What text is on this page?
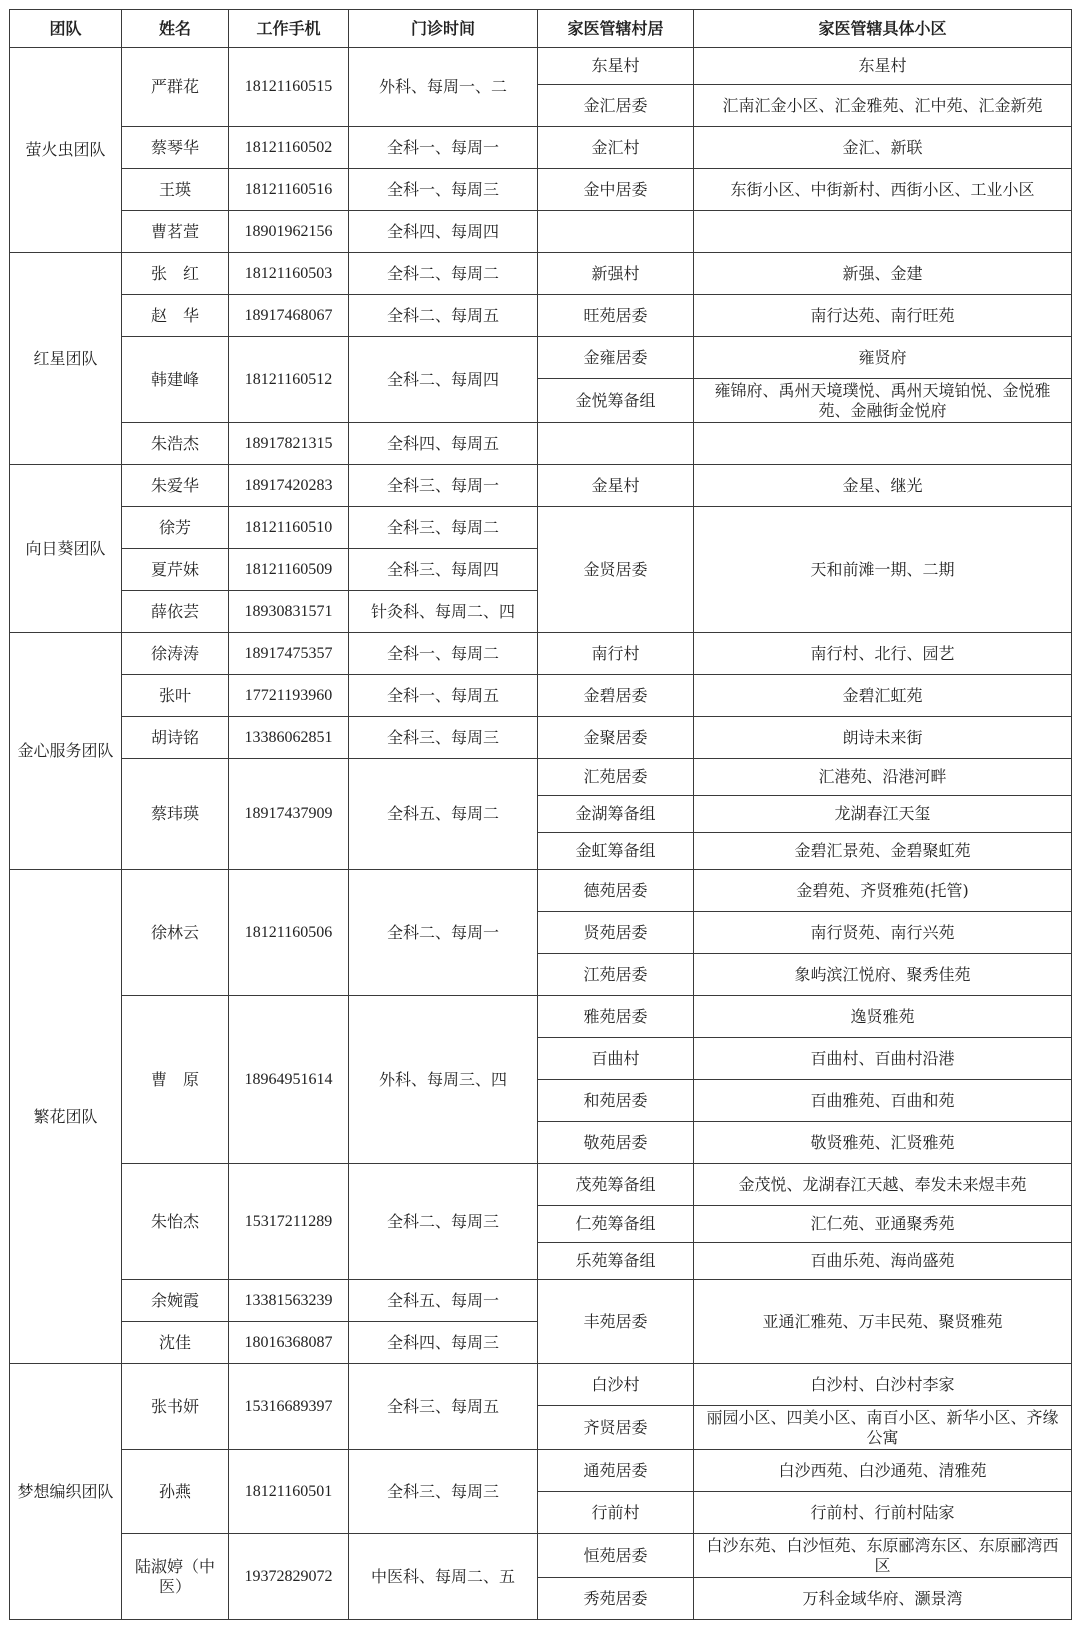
团队	姓名	工作手机	门诊时间	家医管辖村居	家医管辖具体小区
萤火虫团队	严群花	18121160515	外科、每周一、二	东星村	东星村
				金汇居委	汇南汇金小区、汇金雅苑、汇中苑、汇金新苑
	蔡琴华	18121160502	全科一、每周一	金汇村	金汇、新联
	王瑛	18121160516	全科一、每周三	金中居委	东街小区、中街新村、西街小区、工业小区
	曹茗萱	18901962156	全科四、每周四		

红星团队	张　红	18121160503	全科二、每周二	新强村	新强、金建
	赵　华	18917468067	全科二、每周五	旺苑居委	南行达苑、南行旺苑
	韩建峰	18121160512	全科二、每周四	金雍居委	雍贤府
				金悦筹备组	雍锦府、禹州天境璞悦、禹州天境铂悦、金悦雅苑、金融街金悦府
	朱浩杰	18917821315	全科四、每周五		
向日葵团队	朱爱华	18917420283	全科三、每周一	金星村	金星、继光
	徐芳	18121160510	全科三、每周二	金贤居委	天和前滩一期、二期
	夏芹妹	18121160509	全科三、每周四		
	薛依芸	18930831571	针灸科、每周二、四		
金心服务团队	徐涛涛	18917475357	全科一、每周二	南行村	南行村、北行、园艺
	张叶	17721193960	全科一、每周五	金碧居委	金碧汇虹苑
	胡诗铭	13386062851	全科三、每周三	金聚居委	朗诗未来街
	蔡玮瑛	18917437909	全科五、每周二	汇苑居委	汇港苑、沿港河畔
				金湖筹备组	龙湖春江天玺
				金虹筹备组	金碧汇景苑、金碧聚虹苑
繁花团队	徐林云	18121160506	全科二、每周一	德苑居委	金碧苑、齐贤雅苑(托管)
				贤苑居委	南行贤苑、南行兴苑
				江苑居委	象屿滨江悦府、聚秀佳苑
	曹　原	18964951614	外科、每周三、四	雅苑居委	逸贤雅苑
				百曲村	百曲村、百曲村沿港
				和苑居委	百曲雅苑、百曲和苑
				敬苑居委	敬贤雅苑、汇贤雅苑
	朱怡杰	15317211289	全科二、每周三	茂苑筹备组	金茂悦、龙湖春江天越、奉发未来煜丰苑
				仁苑筹备组	汇仁苑、亚通聚秀苑
				乐苑筹备组	百曲乐苑、海尚盛苑
	余婉霞	13381563239	全科五、每周一	丰苑居委	亚通汇雅苑、万丰民苑、聚贤雅苑
	沈佳	18016368087	全科四、每周三		
梦想编织团队	张书妍	15316689397	全科三、每周五	白沙村	白沙村、白沙村李家
				齐贤居委	丽园小区、四美小区、南百小区、新华小区、齐缘公寓
	孙燕	18121160501	全科三、每周三	通苑居委	白沙西苑、白沙通苑、清雅苑
				行前村	行前村、行前村陆家
	陆淑婷（中医）	19372829072	中医科、每周二、五	恒苑居委	白沙东苑、白沙恒苑、东原郦湾东区、东原郦湾西区
				秀苑居委	万科金域华府、灏景湾
